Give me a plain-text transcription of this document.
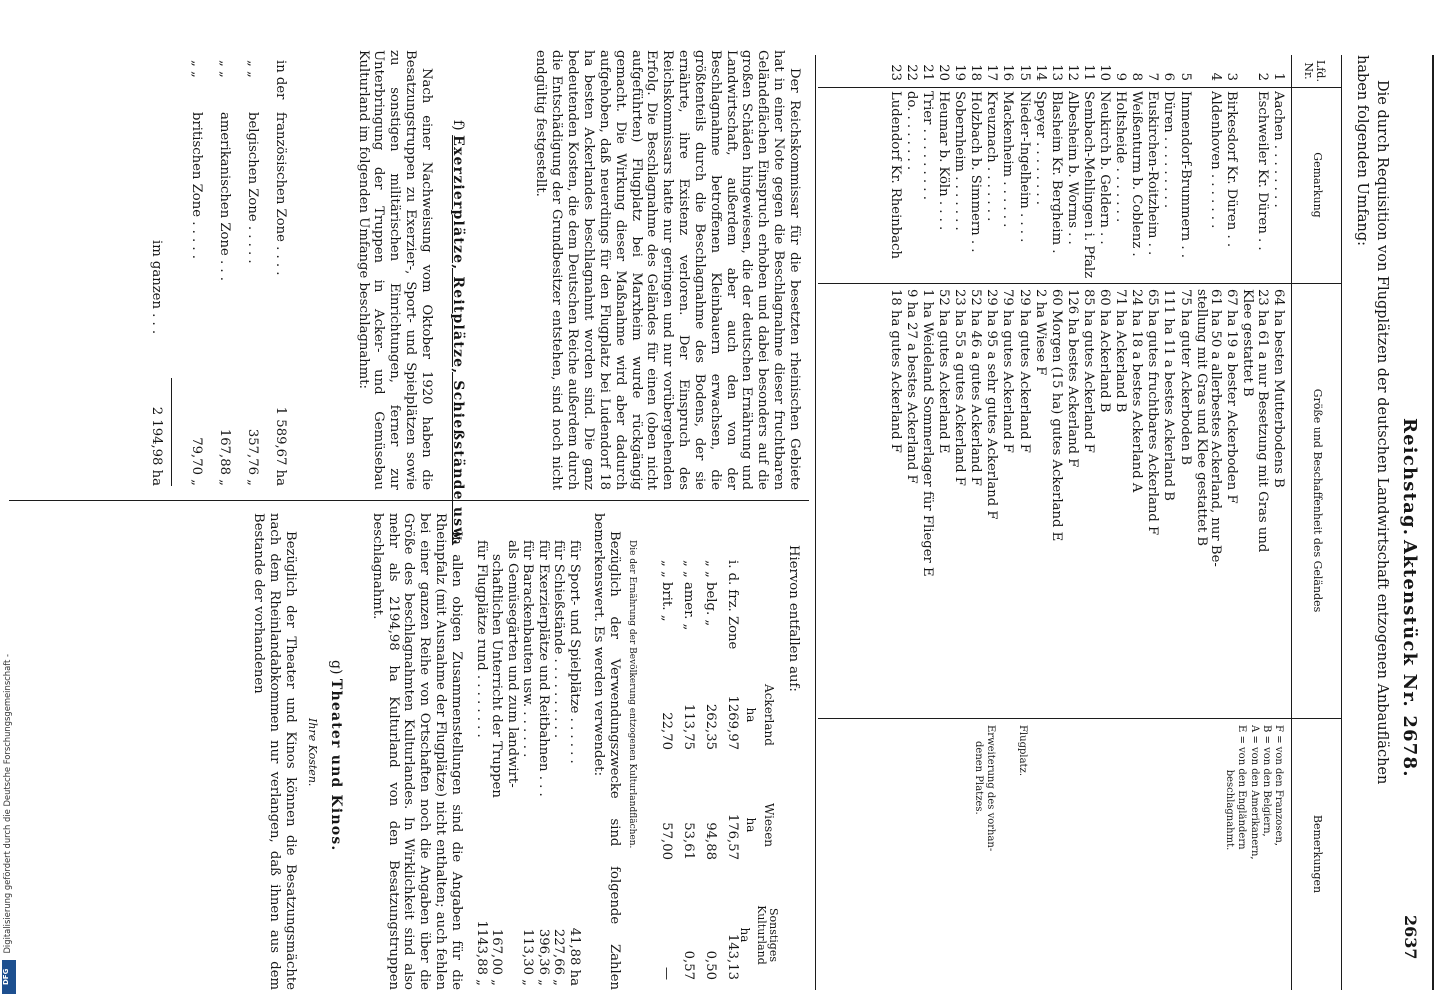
Reichstag.
Aktenstück Nr. 2678.
2637
Die durch Requisition von Flugplätzen der deutschen Landwirtschaft entzogenen Anbauflächen
haben folgenden Umfang:
Lfd. Nr.
Gemarkung
Größe und Beschaffenheit des Geländes
Bemerkungen
1
Aachen . . . . . . . .
64 ha besten Mutterbodens B
2
Eschweiler Kr. Düren . .
23 ha 61 a nur Besetzung mit Gras und
Klee gestattet B
3
Birkesdorf Kr. Düren . .
67 ha 19 a bester Ackerboden F
4
Aldenhoven . . . . . . .
61 ha 50 a allerbestes Ackerland, nur Be-
stellung mit Gras und Klee gestattet B
5
Immendorf-Brummern . .
75 ha guter Ackerboden B
6
Düren . . . . . . . . .
111 ha 11 a bestes Ackerland B
7
Euskirchen-Roitzheim . .
65 ha gutes fruchtbares Ackerland F
8
Weißenturm b. Coblenz .
24 ha 18 a bestes Ackerland A
9
Holtsheide . . . . . . .
71 ha Ackerland B
10
Neukirch b. Geldern . .
60 ha Ackerland B
11
Sembach-Mehlingen i. Pfalz
85 ha gutes Ackerland F
12
Albesheim b. Worms . .
126 ha bestes Ackerland F
13
Blasheim Kr. Bergheim .
60 Morgen (15 ha) gutes Ackerland E
14
Speyer . . . . . . . .
2 ha Wiese F
15
Nieder-Ingelheim . . . .
29 ha gutes Ackerland F
16
Mackenheim . . . . . .
79 ha gutes Ackerland F
17
Kreuznach . . . . . . .
29 ha 95 a sehr gutes Ackerland F
18
Holzbach b. Simmern . .
52 ha 46 a gutes Ackerland F
19
Sobernheim . . . . . . .
23 ha 55 a gutes Ackerland F
20
Heumar b. Köln . . . .
52 ha gutes Ackerland E
21
Trier . . . . . . . . .
1 ha Weideland Sommerlager für Flieger E
22
do. . . . . . . .
9 ha 27 a bestes Ackerland F
23
Ludendorf Kr. Rheinbach
18 ha gutes Ackerland F
F = von den Franzosen,
B = von den Belgiern,
A = von den Amerikanern,
E = von den Engländern
beschlagnahmt.
Flugplatz.
Erweiterung des vorhan-
denen Platzes.

Der Reichskommissar für die besetzten rheinischen Gebiete hat in einer Note gegen die Beschlagnahme dieser fruchtbaren Geländeflächen Einspruch erhoben und dabei besonders auf die großen Schäden hingewiesen, die der deutschen Ernährung und Landwirtschaft, außerdem aber auch den von der Beschlagnahme betroffenen Kleinbauern erwachsen, die größtenteils durch die Beschlagnahme des Bodens, der sie ernährte, ihre Existenz verloren. Der Einspruch des Reichskommissars hatte nur geringen und nur vorübergehenden Erfolg. Die Beschlagnahme des Geländes für einen (oben nicht aufgeführten) Flugplatz bei Marxheim wurde rückgängig gemacht. Die Wirkung dieser Maßnahme wird aber dadurch aufgehoben, daß neuerdings für den Flugplatz bei Ludendorf 18 ha besten Ackerlandes beschlagnahmt worden sind. Die ganz bedeutenden Kosten, die dem Deutschen Reiche außerdem durch die Entschädigung der Grundbesitzer entstehen, sind noch nicht endgültig festgestellt.

f) Exerzierplätze, Reitplätze, Schießstände usw.

Nach einer Nachweisung vom Oktober 1920 haben die Besatzungstruppen zu Exerzier-, Sport- und Spielplätzen sowie zu sonstigen militärischen Einrichtungen, ferner zur Unterbringung der Truppen in Acker- und Gemüsebau Kulturland im folgenden Umfange beschlagnahmt:

in der
französischen Zone . . . .
1 589,67 ha
„ „
belgischen Zone . . . . .
357,76 „
„ „
amerikanischen Zone . . .
167,88 „
„ „
britischen Zone . . . . .
79,70 „
im ganzen . . .
2 194,98 ha
Hiervon entfallen auf:
Ackerland
Wiesen
Sonstiges Kulturland
ha
ha
ha
i. d. frz. Zone
1269,97
176,57
143,13
„ „ belg. „
262,35
94,88
0,50
„ „ amer. „
113,75
53,61
0,57
„ „ brit. „
22,70
57,00
—
Die der Ernährung der Bevölkerung entzogenen Kulturlandflächen.

Bezüglich der Verwendungszwecke sind folgende Zahlen bemerkenswert. Es werden verwendet:

für Sport- und Spielplätze . . . . . .
41,88 ha
für Schießstände . . . . . . . . . .
227,66 „
für Exerzierplätze und Reitbahnen . . .
396,36 „
für Barackenbauten usw. . . . . . .
113,30 „
als Gemüsegärten und zum landwirt-
schaftlichen Unterricht der Truppen
167,00 „
für Flugplätze rund . . . . . . . .
1143,88 „

In allen obigen Zusammenstellungen sind die Angaben für die Rheinpfalz (mit Ausnahme der Flugplätze) nicht enthalten; auch fehlen bei einer ganzen Reihe von Ortschaften noch die Angaben über die Größe des beschlagnahmten Kulturlandes. In Wirklichkeit sind also mehr als 2194,98 ha Kulturland von den Besatzungstruppen beschlagnahmt.

g) Theater und Kinos.
Ihre Kosten.

Bezüglich der Theater und Kinos können die Besatzungsmächte nach dem Rheinlandabkommen nur verlangen, daß ihnen aus dem Bestande der vorhandenen

Digitalisierung gefördert durch die Deutsche Forschungsgemeinschaft -
DFG
